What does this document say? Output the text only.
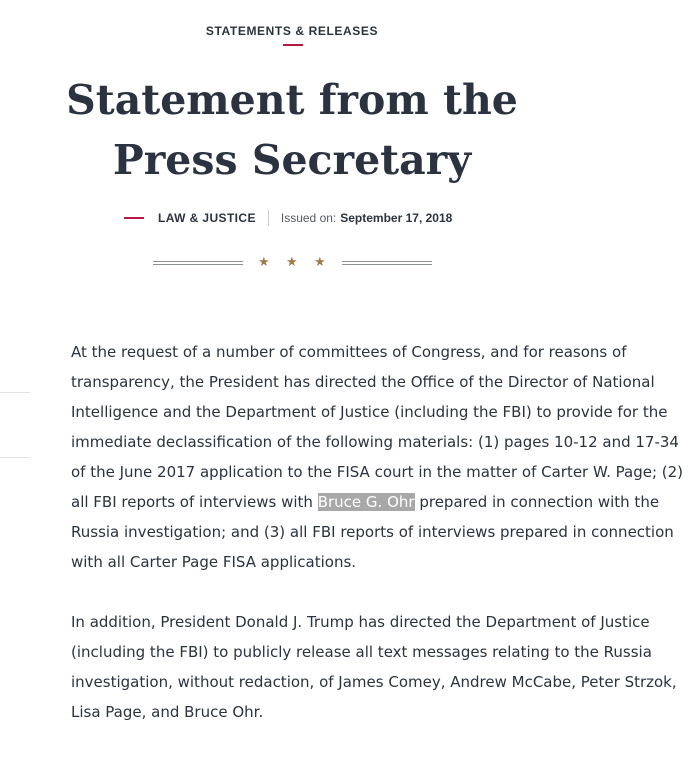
STATEMENTS & RELEASES
Statement from the Press Secretary
LAW & JUSTICE Issued on: September 17, 2018
★ ★ ★

At the request of a number of committees of Congress, and for reasons of transparency, the President has directed the Office of the Director of National Intelligence and the Department of Justice (including the FBI) to provide for the immediate declassification of the following materials: (1) pages 10-12 and 17-34 of the June 2017 application to the FISA court in the matter of Carter W. Page; (2) all FBI reports of interviews with Bruce G. Ohr prepared in connection with the Russia investigation; and (3) all FBI reports of interviews prepared in connection with all Carter Page FISA applications.

In addition, President Donald J. Trump has directed the Department of Justice (including the FBI) to publicly release all text messages relating to the Russia investigation, without redaction, of James Comey, Andrew McCabe, Peter Strzok, Lisa Page, and Bruce Ohr.
